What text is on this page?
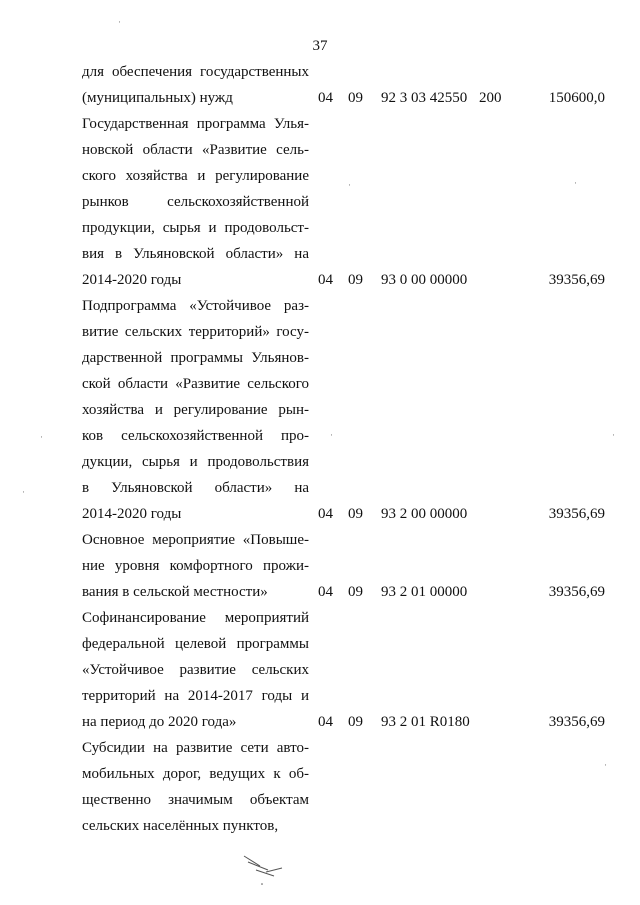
37
для обеспечения государственных
(муниципальных) нужд	04 09 92 3 03 42550 200	150600,0
Государственная программа Улья-
новской области «Развитие сель-
ского хозяйства и регулирование
рынков сельскохозяйственной
продукции, сырья и продовольст-
вия в Ульяновской области» на
2014-2020 годы	04 09 93 0 00 00000	39356,69
Подпрограмма «Устойчивое раз-
витие сельских территорий» госу-
дарственной программы Ульянов-
ской области «Развитие сельского
хозяйства и регулирование рын-
ков сельскохозяйственной про-
дукции, сырья и продовольствия
в Ульяновской области» на
2014-2020 годы	04 09 93 2 00 00000	39356,69
Основное мероприятие «Повыше-
ние уровня комфортного прожи-
вания в сельской местности»	04 09 93 2 01 00000	39356,69
Софинансирование мероприятий
федеральной целевой программы
«Устойчивое развитие сельских
территорий на 2014-2017 годы и
на период до 2020 года»	04 09 93 2 01 R0180	39356,69
Субсидии на развитие сети авто-
мобильных дорог, ведущих к об-
щественно значимым объектам
сельских населённых пунктов,
·
·
·
·
·
·	·
·
